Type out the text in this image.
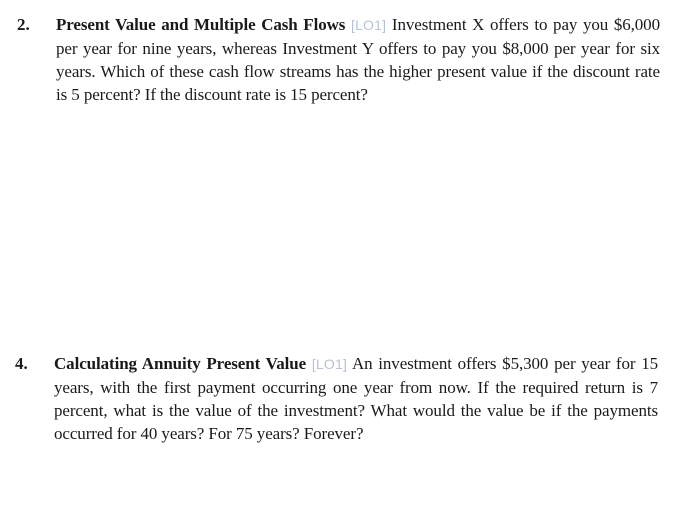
2. Present Value and Multiple Cash Flows [LO1] Investment X offers to pay you $6,000 per year for nine years, whereas Investment Y offers to pay you $8,000 per year for six years. Which of these cash flow streams has the higher present value if the discount rate is 5 percent? If the discount rate is 15 percent?
4. Calculating Annuity Present Value [LO1] An investment offers $5,300 per year for 15 years, with the first payment occurring one year from now. If the required return is 7 percent, what is the value of the investment? What would the value be if the payments occurred for 40 years? For 75 years? Forever?
